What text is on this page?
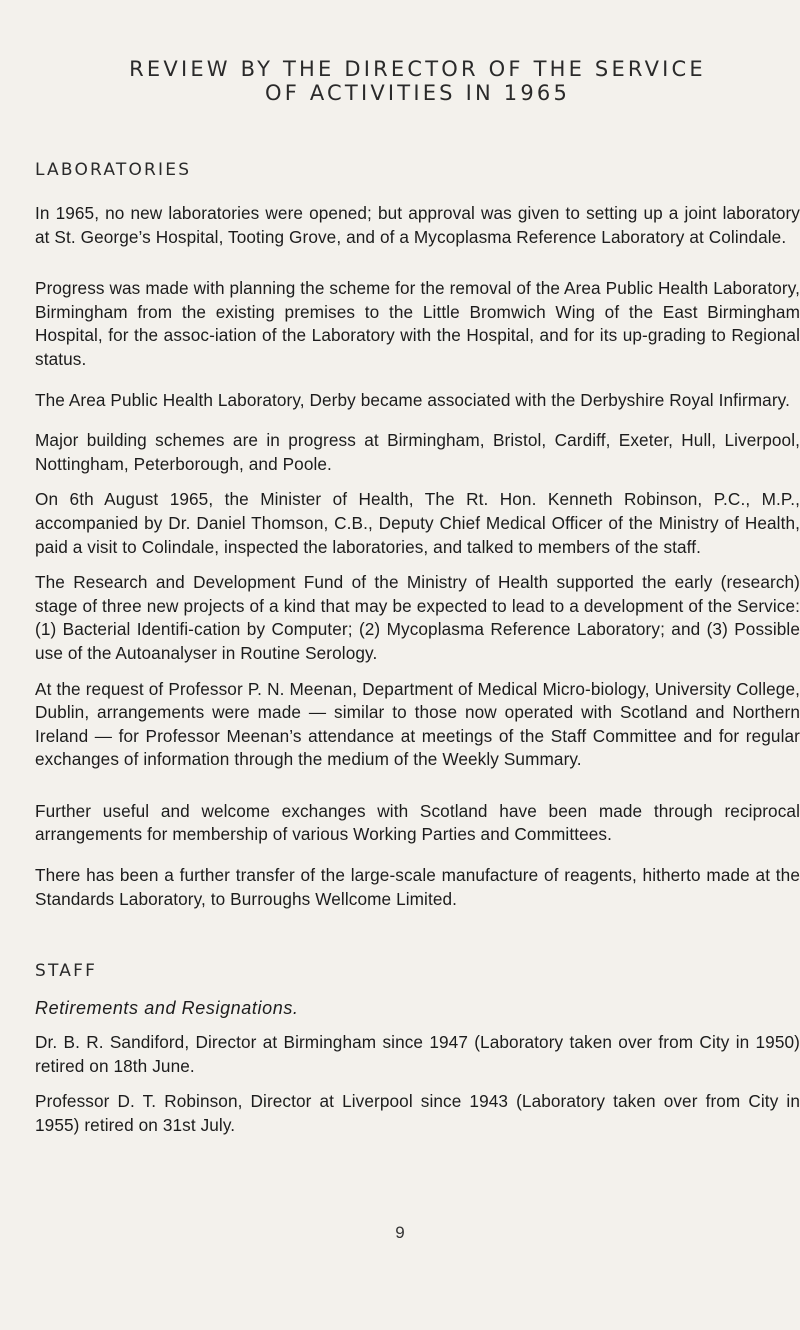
REVIEW BY THE DIRECTOR OF THE SERVICE
OF ACTIVITIES IN 1965
LABORATORIES

In 1965, no new laboratories were opened; but approval was given to setting up a joint laboratory at St. George’s Hospital, Tooting Grove, and of a Mycoplasma Reference Laboratory at Colindale.

Progress was made with planning the scheme for the removal of the Area Public Health Laboratory, Birmingham from the existing premises to the Little Bromwich Wing of the East Birmingham Hospital, for the assoc-iation of the Laboratory with the Hospital, and for its up-grading to Regional status.

The Area Public Health Laboratory, Derby became associated with the Derbyshire Royal Infirmary.

Major building schemes are in progress at Birmingham, Bristol, Cardiff, Exeter, Hull, Liverpool, Nottingham, Peterborough, and Poole.

On 6th August 1965, the Minister of Health, The Rt. Hon. Kenneth Robinson, P.C., M.P., accompanied by Dr. Daniel Thomson, C.B., Deputy Chief Medical Officer of the Ministry of Health, paid a visit to Colindale, inspected the laboratories, and talked to members of the staff.

The Research and Development Fund of the Ministry of Health supported the early (research) stage of three new projects of a kind that may be expected to lead to a development of the Service: (1) Bacterial Identifi-cation by Computer; (2) Mycoplasma Reference Laboratory; and (3) Possible use of the Autoanalyser in Routine Serology.

At the request of Professor P. N. Meenan, Department of Medical Micro-biology, University College, Dublin, arrangements were made — similar to those now operated with Scotland and Northern Ireland — for Professor Meenan’s attendance at meetings of the Staff Committee and for regular exchanges of information through the medium of the Weekly Summary.

Further useful and welcome exchanges with Scotland have been made through reciprocal arrangements for membership of various Working Parties and Committees.

There has been a further transfer of the large-scale manufacture of reagents, hitherto made at the Standards Laboratory, to Burroughs Wellcome Limited.

STAFF
Retirements and Resignations.

Dr. B. R. Sandiford, Director at Birmingham since 1947 (Laboratory taken over from City in 1950) retired on 18th June.

Professor D. T. Robinson, Director at Liverpool since 1943 (Laboratory taken over from City in 1955) retired on 31st July.

9
